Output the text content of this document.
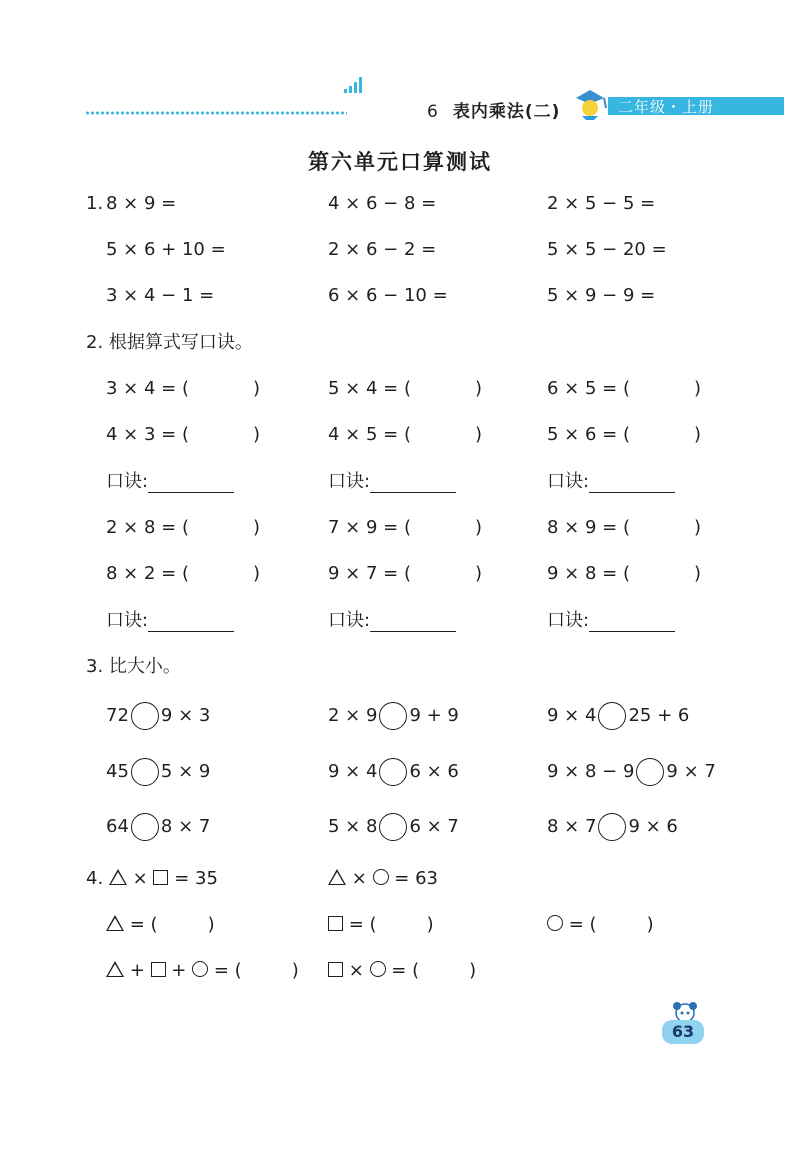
6 表内乘法(二)	二年级・上册
第六单元口算测试
1. 8 × 9 =	4 × 6 − 8 =	2 × 5 − 5 =
5 × 6 + 10 =	2 × 6 − 2 =	5 × 5 − 20 =
3 × 4 − 1 =	6 × 6 − 10 =	5 × 9 − 9 =
2. 根据算式写口诀。
3 × 4 = (	)	5 × 4 = (	)	6 × 5 = (	)
4 × 3 = (	)	4 × 5 = (	)	5 × 6 = (	)
口诀:	口诀:	口诀:
2 × 8 = (	)	7 × 9 = (	)	8 × 9 = (	)
8 × 2 = (	)	9 × 7 = (	)	9 × 8 = (	)
口诀:	口诀:	口诀:
3. 比大小。
72 9 × 3	2 × 9 9 + 9	9 × 4 25 + 6
45 5 × 9	9 × 4 6 × 6	9 × 8 − 9 9 × 7
64 8 × 7	5 × 8 6 × 7	8 × 7 9 × 6
4. × = 35	× = 63
= (	)	= (	)	= (	)
+ + = (	)	× = (	)
63
